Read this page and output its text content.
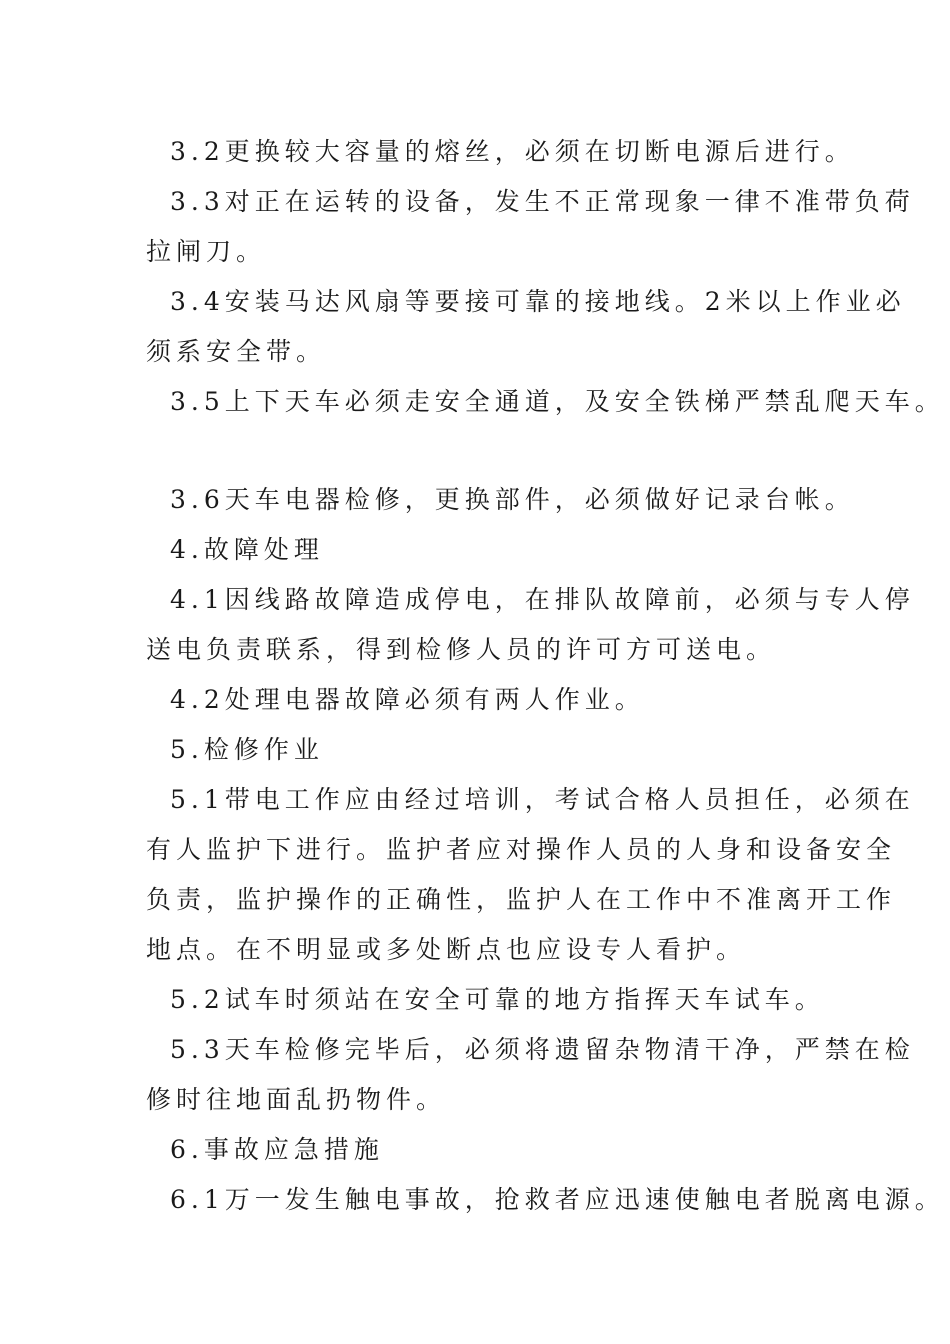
3.2更换较大容量的熔丝，必须在切断电源后进行。
3.3对正在运转的设备，发生不正常现象一律不准带负荷
拉闸刀。
3.4安装马达风扇等要接可靠的接地线。2米以上作业必
须系安全带。
3.5上下天车必须走安全通道，及安全铁梯严禁乱爬天车。
3.6天车电器检修，更换部件，必须做好记录台帐。
4.故障处理
4.1因线路故障造成停电，在排队故障前，必须与专人停
送电负责联系，得到检修人员的许可方可送电。
4.2处理电器故障必须有两人作业。
5.检修作业
5.1带电工作应由经过培训，考试合格人员担任，必须在
有人监护下进行。监护者应对操作人员的人身和设备安全
负责，监护操作的正确性，监护人在工作中不准离开工作
地点。在不明显或多处断点也应设专人看护。
5.2试车时须站在安全可靠的地方指挥天车试车。
5.3天车检修完毕后，必须将遗留杂物清干净，严禁在检
修时往地面乱扔物件。
6.事故应急措施
6.1万一发生触电事故，抢救者应迅速使触电者脱离电源。
